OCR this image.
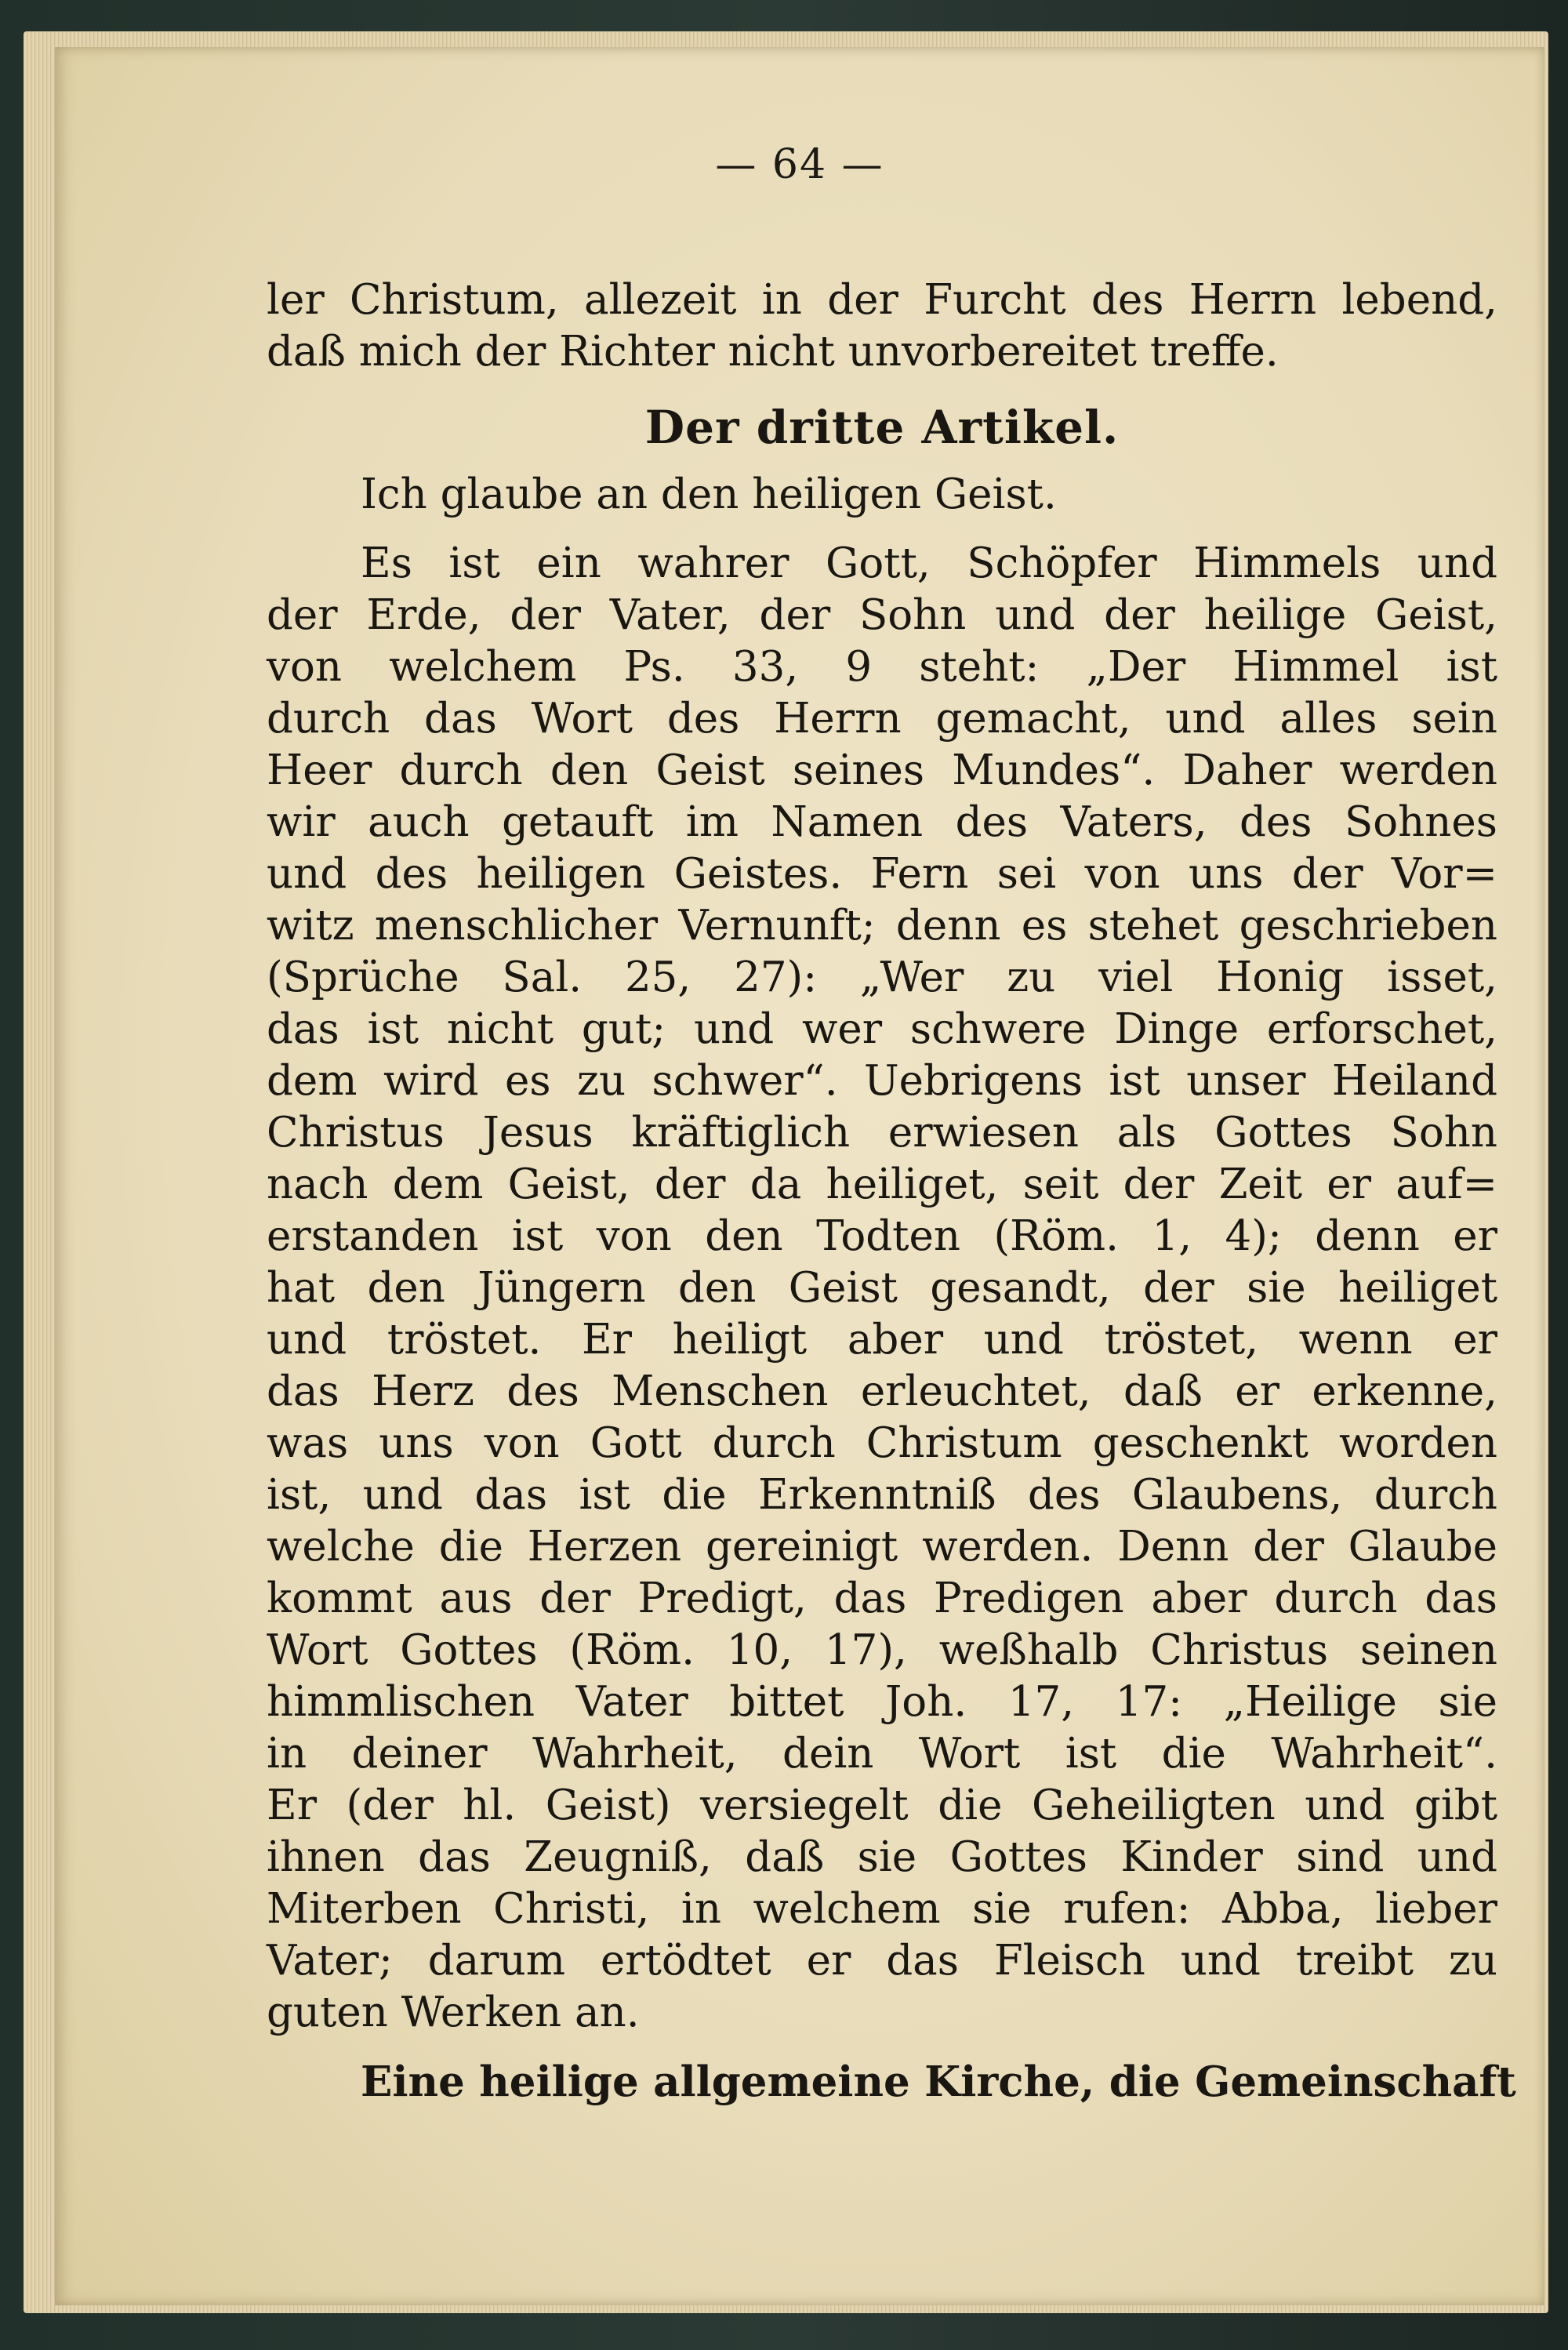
— 64 —
ler Christum, allezeit in der Furcht des Herrn lebend,
daß mich der Richter nicht unvorbereitet treffe.
Der dritte Artikel.
Ich glaube an den heiligen Geist.
Es ist ein wahrer Gott, Schöpfer Himmels und
der Erde, der Vater, der Sohn und der heilige Geist,
von welchem Ps. 33, 9 steht: „Der Himmel ist
durch das Wort des Herrn gemacht, und alles sein
Heer durch den Geist seines Mundes“. Daher werden
wir auch getauft im Namen des Vaters, des Sohnes
und des heiligen Geistes. Fern sei von uns der Vor=
witz menschlicher Vernunft; denn es stehet geschrieben
(Sprüche Sal. 25, 27): „Wer zu viel Honig isset,
das ist nicht gut; und wer schwere Dinge erforschet,
dem wird es zu schwer“. Uebrigens ist unser Heiland
Christus Jesus kräftiglich erwiesen als Gottes Sohn
nach dem Geist, der da heiliget, seit der Zeit er auf=
erstanden ist von den Todten (Röm. 1, 4); denn er
hat den Jüngern den Geist gesandt, der sie heiliget
und tröstet. Er heiligt aber und tröstet, wenn er
das Herz des Menschen erleuchtet, daß er erkenne,
was uns von Gott durch Christum geschenkt worden
ist, und das ist die Erkenntniß des Glaubens, durch
welche die Herzen gereinigt werden. Denn der Glaube
kommt aus der Predigt, das Predigen aber durch das
Wort Gottes (Röm. 10, 17), weßhalb Christus seinen
himmlischen Vater bittet Joh. 17, 17: „Heilige sie
in deiner Wahrheit, dein Wort ist die Wahrheit“.
Er (der hl. Geist) versiegelt die Geheiligten und gibt
ihnen das Zeugniß, daß sie Gottes Kinder sind und
Miterben Christi, in welchem sie rufen: Abba, lieber
Vater; darum ertödtet er das Fleisch und treibt zu
guten Werken an.
Eine heilige allgemeine Kirche, die Gemeinschaft
